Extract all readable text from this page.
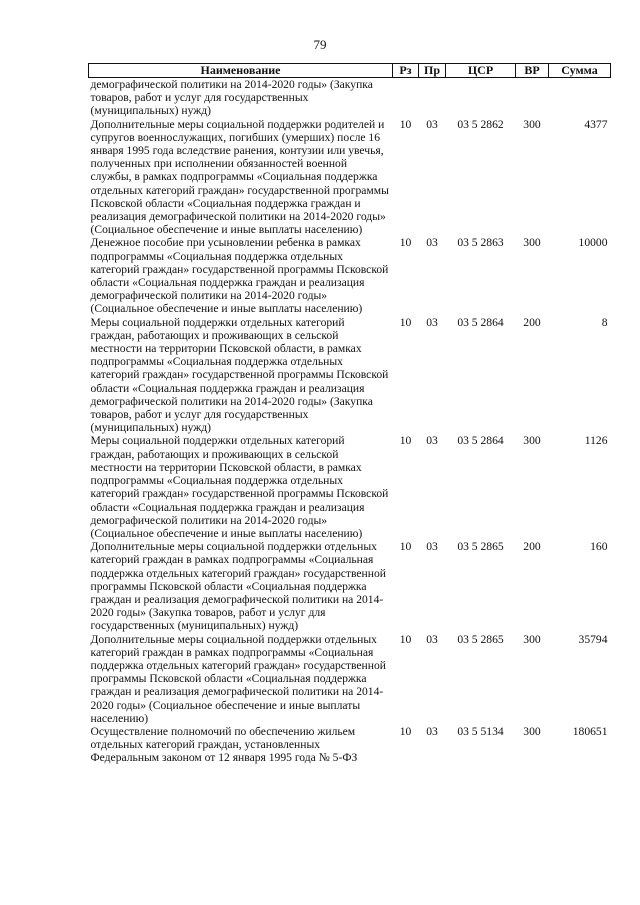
79
Наименование	Рз	Пр	ЦСР	ВР	Сумма
демографической политики на 2014-2020 годы» (Закупка товаров, работ и услуг для государственных (муниципальных) нужд)					
Дополнительные меры социальной поддержки родителей и супругов военнослужащих, погибших (умерших) после 16 января 1995 года вследствие ранения, контузии или увечья, полученных при исполнении обязанностей военной службы, в рамках подпрограммы «Социальная поддержка отдельных категорий граждан» государственной программы Псковской области «Социальная поддержка граждан и реализация демографической политики на 2014-2020 годы» (Социальное обеспечение и иные выплаты населению)	10	03	03 5 2862	300	4377
Денежное пособие при усыновлении ребенка в рамках подпрограммы «Социальная поддержка отдельных категорий граждан» государственной программы Псковской области «Социальная поддержка граждан и реализация демографической политики на 2014-2020 годы» (Социальное обеспечение и иные выплаты населению)	10	03	03 5 2863	300	10000
Меры социальной поддержки отдельных категорий граждан, работающих и проживающих в сельской местности на территории Псковской области, в рамках подпрограммы «Социальная поддержка отдельных категорий граждан» государственной программы Псковской области «Социальная поддержка граждан и реализация демографической политики на 2014-2020 годы» (Закупка товаров, работ и услуг для государственных (муниципальных) нужд)	10	03	03 5 2864	200	8
Меры социальной поддержки отдельных категорий граждан, работающих и проживающих в сельской местности на территории Псковской области, в рамках подпрограммы «Социальная поддержка отдельных категорий граждан» государственной программы Псковской области «Социальная поддержка граждан и реализация демографической политики на 2014-2020 годы» (Социальное обеспечение и иные выплаты населению)	10	03	03 5 2864	300	1126
Дополнительные меры социальной поддержки отдельных категорий граждан в рамках подпрограммы «Социальная поддержка отдельных категорий граждан» государственной программы Псковской области «Социальная поддержка граждан и реализация демографической политики на 2014-2020 годы» (Закупка товаров, работ и услуг для государственных (муниципальных) нужд)	10	03	03 5 2865	200	160
Дополнительные меры социальной поддержки отдельных категорий граждан в рамках подпрограммы «Социальная поддержка отдельных категорий граждан» государственной программы Псковской области «Социальная поддержка граждан и реализация демографической политики на 2014-2020 годы» (Социальное обеспечение и иные выплаты населению)	10	03	03 5 2865	300	35794
Осуществление полномочий по обеспечению жильем отдельных категорий граждан, установленных Федеральным законом от 12 января 1995 года № 5-ФЗ	10	03	03 5 5134	300	180651
